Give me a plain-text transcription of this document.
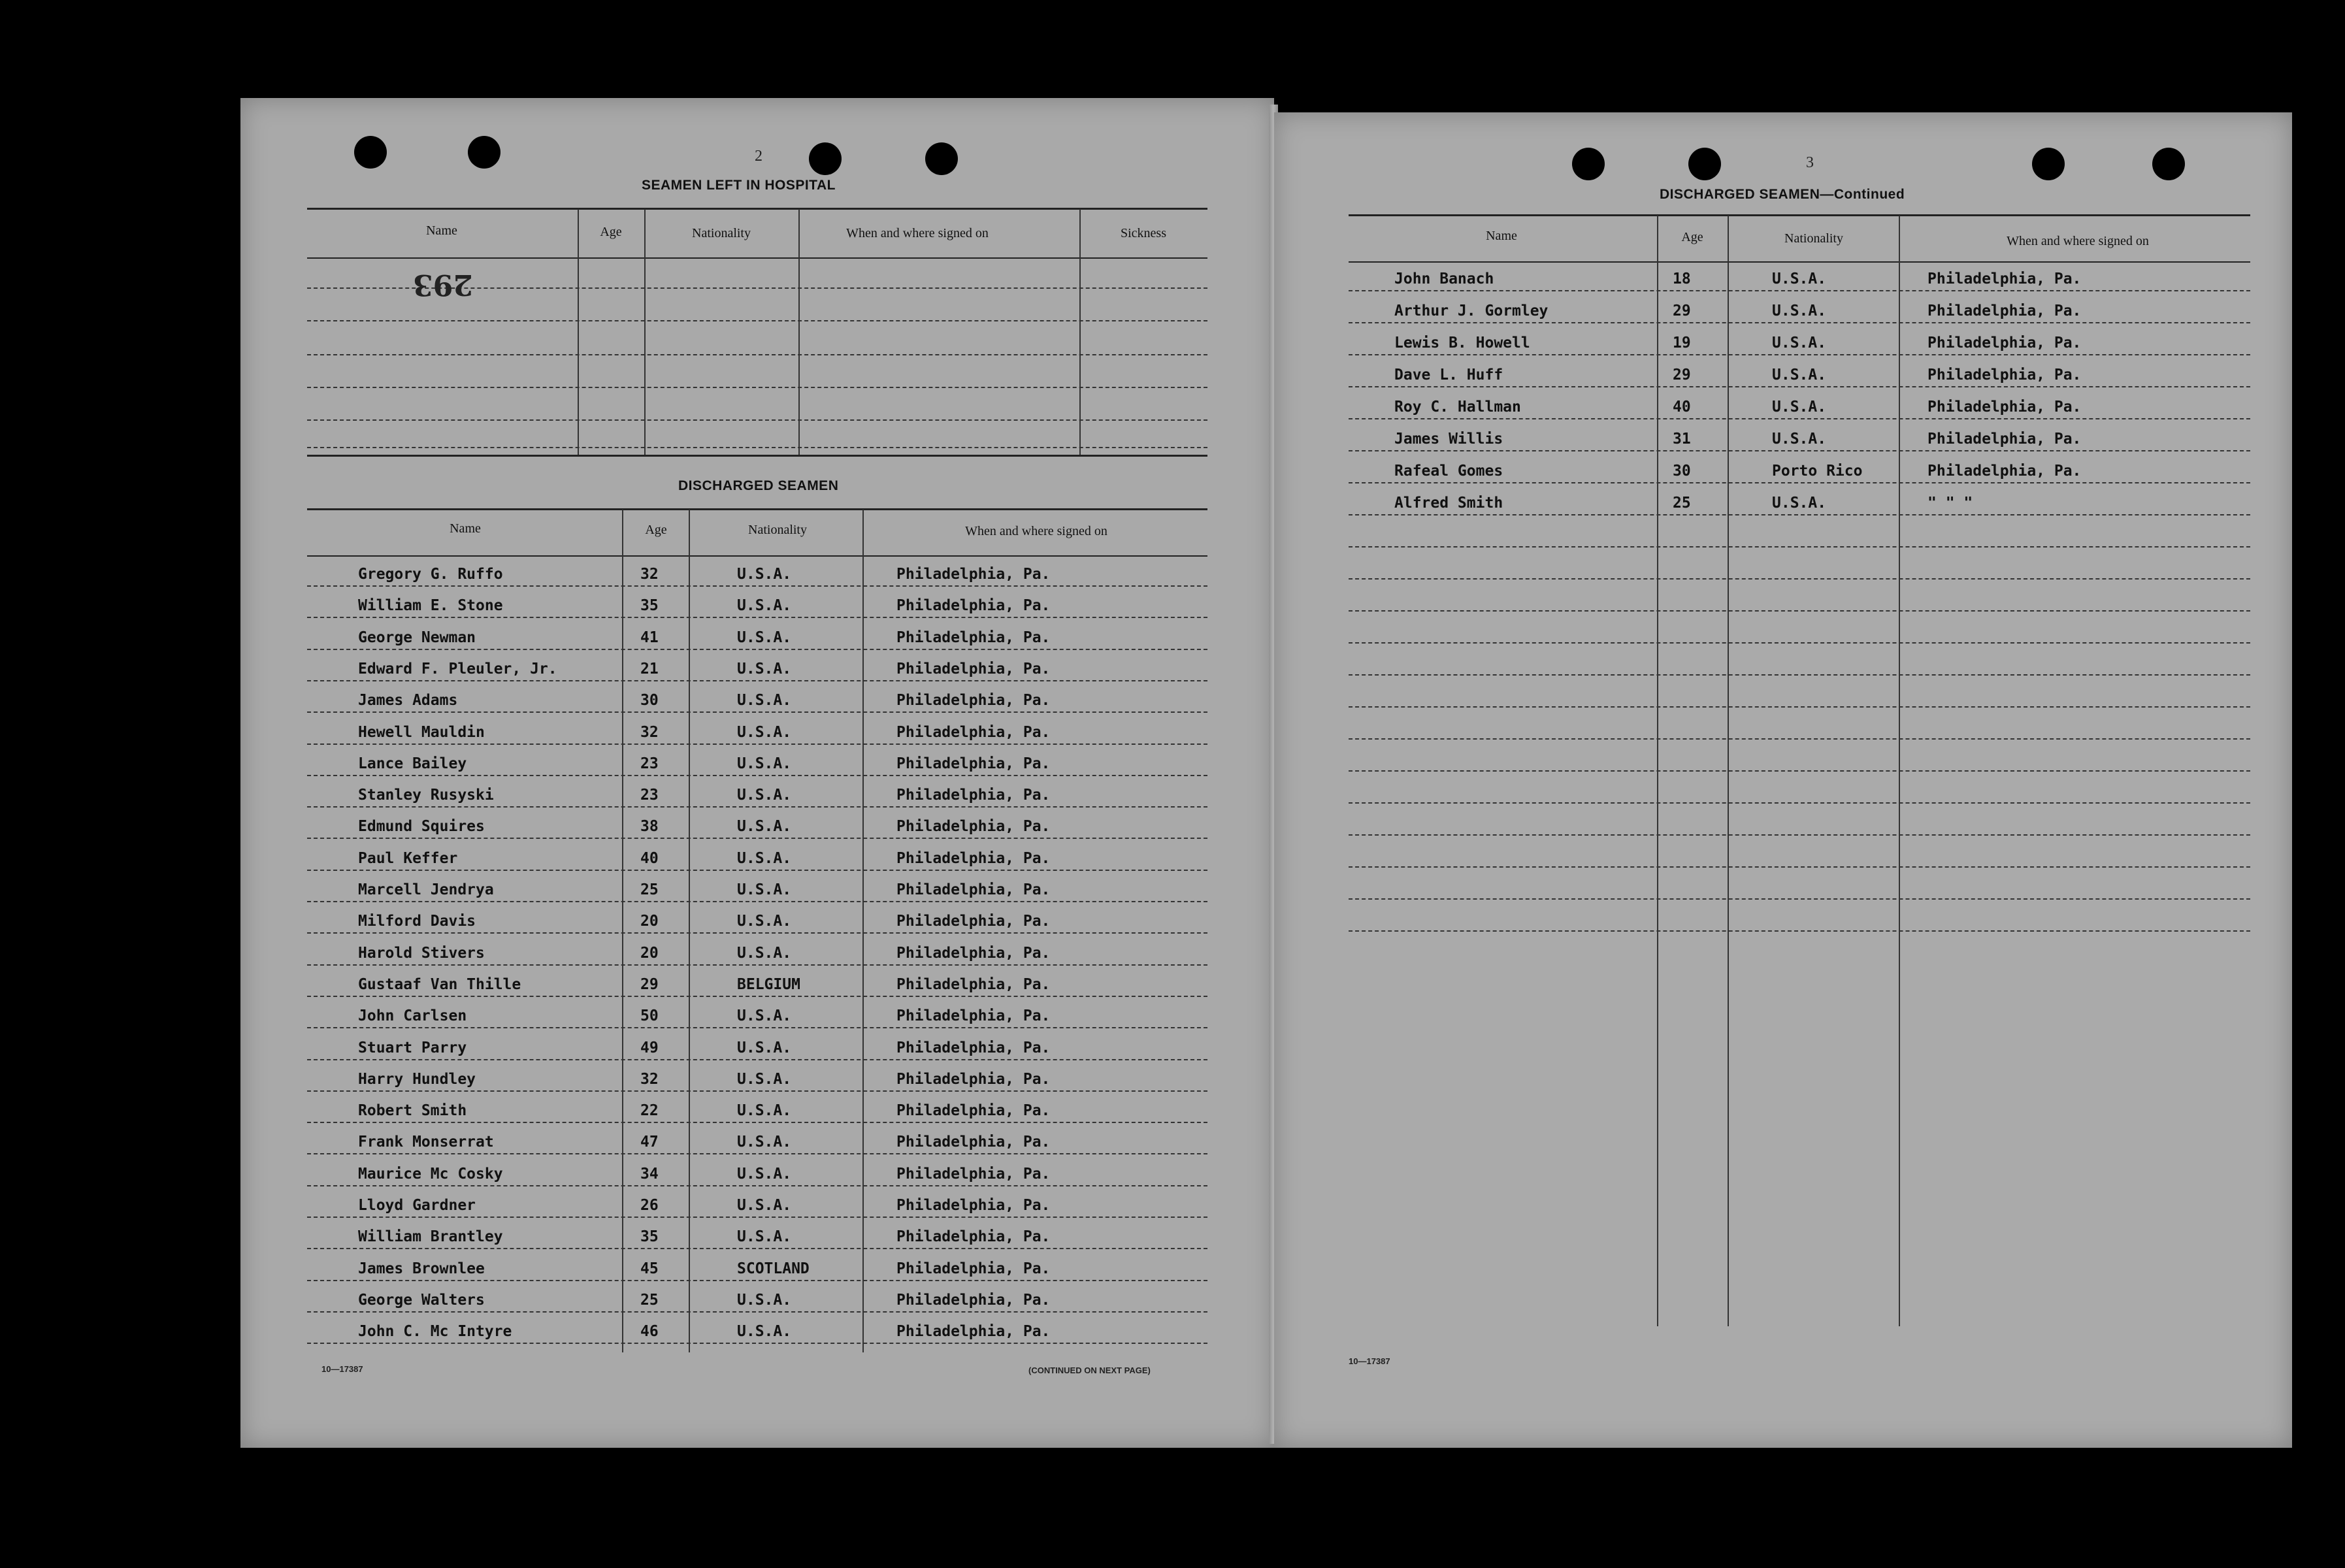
2
SEAMEN LEFT IN HOSPITAL
Name	Age	Nationality	When and where signed on	Sickness
293
DISCHARGED SEAMEN
Name	Age	Nationality	When and where signed on
Gregory G. Ruffo	32	U.S.A.	Philadelphia, Pa.
William E. Stone	35	U.S.A.	Philadelphia, Pa.
George Newman	41	U.S.A.	Philadelphia, Pa.
Edward F. Pleuler, Jr.	21	U.S.A.	Philadelphia, Pa.
James Adams	30	U.S.A.	Philadelphia, Pa.
Hewell Mauldin	32	U.S.A.	Philadelphia, Pa.
Lance Bailey	23	U.S.A.	Philadelphia, Pa.
Stanley Rusyski	23	U.S.A.	Philadelphia, Pa.
Edmund Squires	38	U.S.A.	Philadelphia, Pa.
Paul Keffer	40	U.S.A.	Philadelphia, Pa.
Marcell Jendrya	25	U.S.A.	Philadelphia, Pa.
Milford Davis	20	U.S.A.	Philadelphia, Pa.
Harold Stivers	20	U.S.A.	Philadelphia, Pa.
Gustaaf Van Thille	29	BELGIUM	Philadelphia, Pa.
John Carlsen	50	U.S.A.	Philadelphia, Pa.
Stuart Parry	49	U.S.A.	Philadelphia, Pa.
Harry Hundley	32	U.S.A.	Philadelphia, Pa.
Robert Smith	22	U.S.A.	Philadelphia, Pa.
Frank Monserrat	47	U.S.A.	Philadelphia, Pa.
Maurice Mc Cosky	34	U.S.A.	Philadelphia, Pa.
Lloyd Gardner	26	U.S.A.	Philadelphia, Pa.
William Brantley	35	U.S.A.	Philadelphia, Pa.
James Brownlee	45	SCOTLAND	Philadelphia, Pa.
George Walters	25	U.S.A.	Philadelphia, Pa.
John C. Mc Intyre	46	U.S.A.	Philadelphia, Pa.
10—17387	(CONTINUED ON NEXT PAGE)
3
DISCHARGED SEAMEN—Continued
Name	Age	Nationality	When and where signed on
John Banach	18	U.S.A.	Philadelphia, Pa.
Arthur J. Gormley	29	U.S.A.	Philadelphia, Pa.
Lewis B. Howell	19	U.S.A.	Philadelphia, Pa.
Dave L. Huff	29	U.S.A.	Philadelphia, Pa.
Roy C. Hallman	40	U.S.A.	Philadelphia, Pa.
James Willis	31	U.S.A.	Philadelphia, Pa.
Rafeal Gomes	30	Porto Rico	Philadelphia, Pa.
Alfred Smith	25	U.S.A.	" " "
10—17387
